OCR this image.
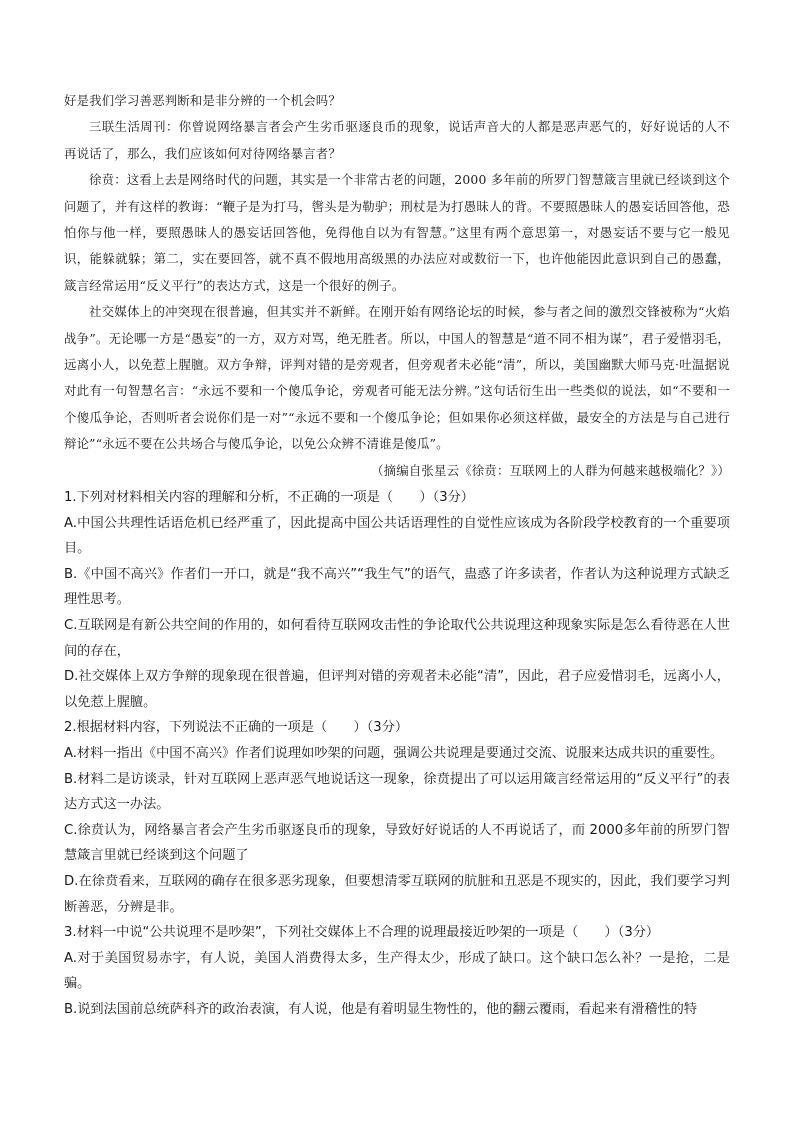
好是我们学习善恶判断和是非分辨的一个机会吗？

三联生活周刊：你曾说网络暴言者会产生劣币驱逐良币的现象，说话声音大的人都是恶声恶气的，好好说话的人不再说话了，那么，我们应该如何对待网络暴言者？

徐贲：这看上去是网络时代的问题，其实是一个非常古老的问题，2000 多年前的所罗门智慧箴言里就已经谈到这个问题了，并有这样的教诲：“鞭子是为打马，辔头是为勒驴；刑杖是为打愚昧人的背。不要照愚昧人的愚妄话回答他，恐怕你与他一样，要照愚昧人的愚妄话回答他，免得他自以为有智慧。”这里有两个意思第一，对愚妄话不要与它一般见识，能躲就躲；第二，实在要回答，就不真不假地用高级黑的办法应对或数衍一下，也许他能因此意识到自己的愚蠢，箴言经常运用“反义平行”的表达方式，这是一个很好的例子。

社交媒体上的冲突现在很普遍，但其实并不新鲜。在刚开始有网络论坛的时候，参与者之间的激烈交锋被称为“火焰战争”。无论哪一方是“愚妄”的一方，双方对骂，绝无胜者。所以，中国人的智慧是“道不同不相为谋”，君子爱惜羽毛，远离小人，以免惹上腥膻。双方争辩，评判对错的是旁观者，但旁观者未必能“清”，所以，美国幽默大师马克·吐温据说对此有一句智慧名言：“永远不要和一个傻瓜争论，旁观者可能无法分辨。”这句话衍生出一些类似的说法，如“不要和一个傻瓜争论，否则听者会说你们是一对”“永远不要和一个傻瓜争论；但如果你必须这样做，最安全的方法是与自己进行辩论”“永远不要在公共场合与傻瓜争论，以免公众辨不清谁是傻瓜”。

（摘编自张星云《徐贲：互联网上的人群为何越来越极端化？》）

1.下列对材料相关内容的理解和分析，不正确的一项是（　　）（3分）

A.中国公共理性话语危机已经严重了，因此提高中国公共话语理性的自觉性应该成为各阶段学校教育的一个重要项目。

B.《中国不高兴》作者们一开口，就是“我不高兴”“我生气”的语气，蛊惑了许多读者，作者认为这种说理方式缺乏理性思考。

C.互联网是有新公共空间的作用的，如何看待互联网攻击性的争论取代公共说理这种现象实际是怎么看待恶在人世间的存在，

D.社交媒体上双方争辩的现象现在很普遍，但评判对错的旁观者未必能“清”，因此，君子应爱惜羽毛，远离小人，以免惹上腥膻。

2.根据材料内容，下列说法不正确的一项是（　　）（3分）

A.材料一指出《中国不高兴》作者们说理如吵架的问题，强调公共说理是要通过交流、说服来达成共识的重要性。

B.材料二是访谈录，针对互联网上恶声恶气地说话这一现象，徐贲提出了可以运用箴言经常运用的“反义平行”的表达方式这一办法。

C.徐贲认为，网络暴言者会产生劣币驱逐良币的现象，导致好好说话的人不再说话了，而 2000多年前的所罗门智慧箴言里就已经谈到这个问题了

D.在徐贲看来，互联网的确存在很多恶劣现象，但要想清零互联网的肮脏和丑恶是不现实的，因此，我们要学习判断善恶，分辨是非。

3.材料一中说“公共说理不是吵架”，下列社交媒体上不合理的说理最接近吵架的一项是（　　）（3分）

A.对于美国贸易赤字，有人说，美国人消费得太多，生产得太少，形成了缺口。这个缺口怎么补？一是抢，二是骗。

B.说到法国前总统萨科齐的政治表演，有人说，他是有着明显生物性的，他的翻云覆雨，看起来有滑稽性的特
